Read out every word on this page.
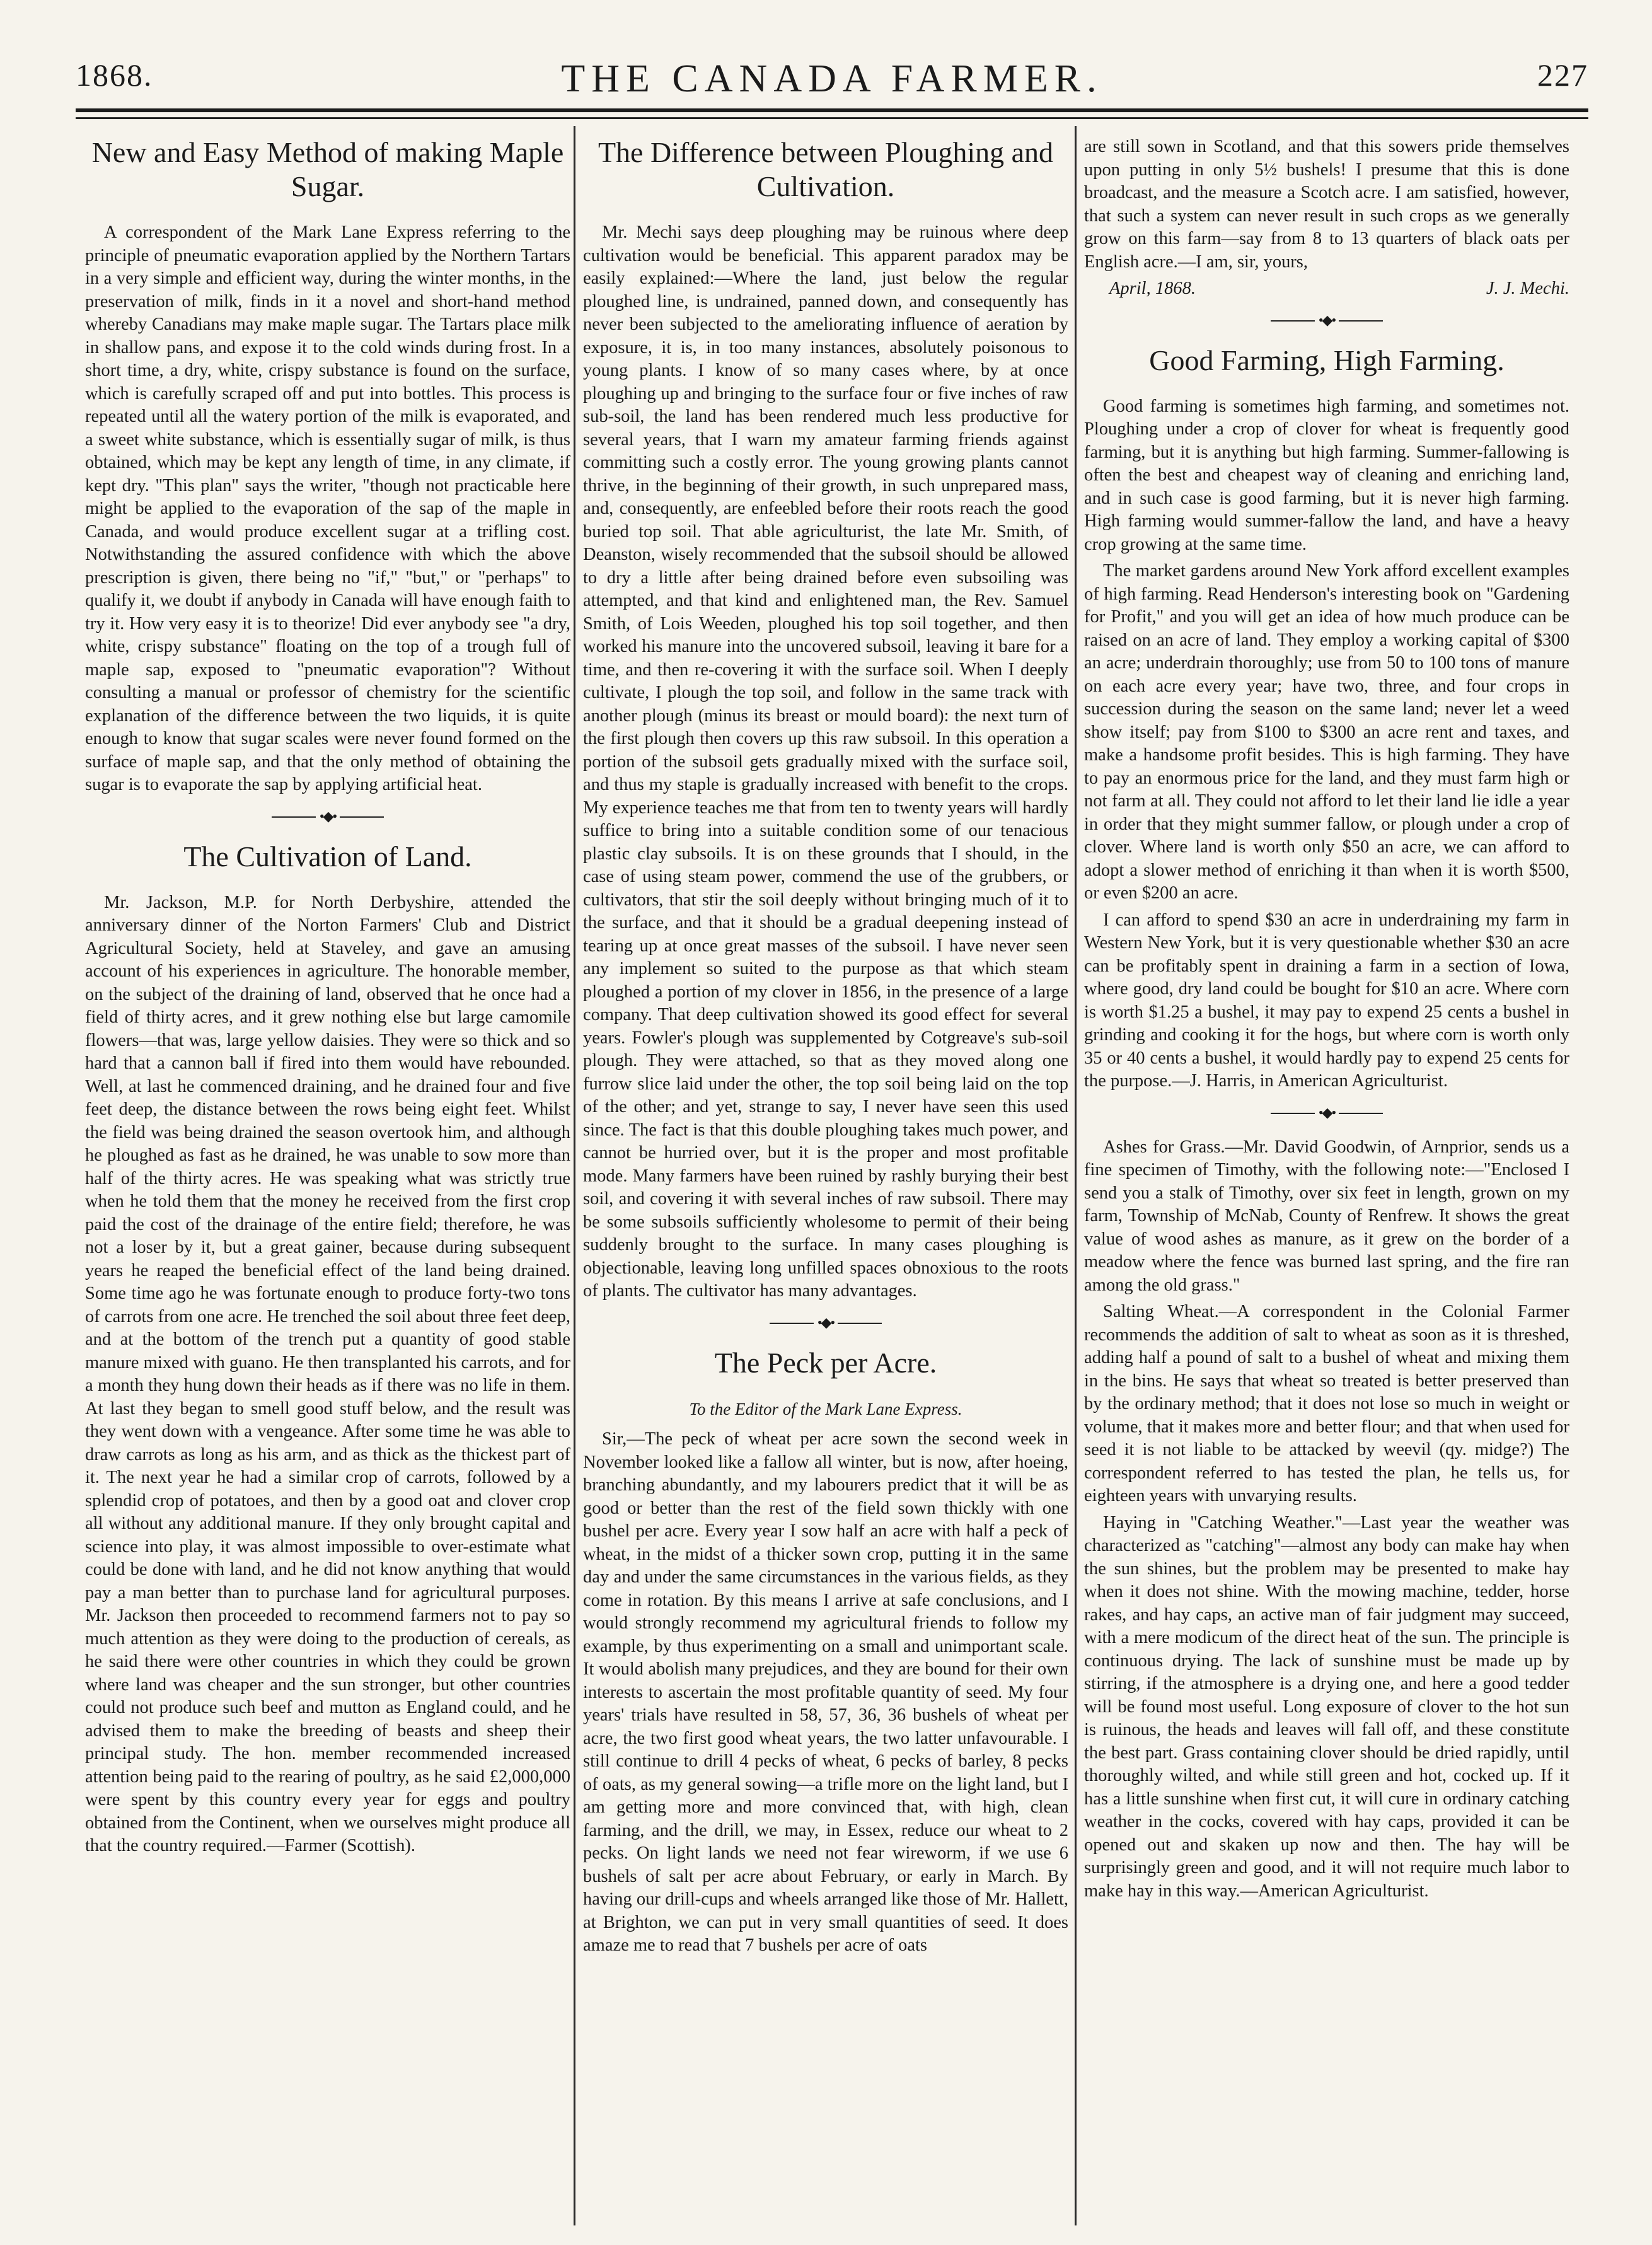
1868.	THE CANADA FARMER.	227
New and Easy Method of making Maple Sugar.

A correspondent of the Mark Lane Express referring to the principle of pneumatic evaporation applied by the Northern Tartars in a very simple and efficient way, during the winter months, in the preservation of milk, finds in it a novel and short-hand method whereby Canadians may make maple sugar. The Tartars place milk in shallow pans, and expose it to the cold winds during frost. In a short time, a dry, white, crispy substance is found on the surface, which is carefully scraped off and put into bottles. This process is repeated until all the watery portion of the milk is evaporated, and a sweet white substance, which is essentially sugar of milk, is thus obtained, which may be kept any length of time, in any climate, if kept dry. "This plan" says the writer, "though not practicable here might be applied to the evaporation of the sap of the maple in Canada, and would produce excellent sugar at a trifling cost. Notwithstanding the assured confidence with which the above prescription is given, there being no "if," "but," or "perhaps" to qualify it, we doubt if anybody in Canada will have enough faith to try it. How very easy it is to theorize! Did ever anybody see "a dry, white, crispy substance" floating on the top of a trough full of maple sap, exposed to "pneumatic evaporation"? Without consulting a manual or professor of chemistry for the scientific explanation of the difference between the two liquids, it is quite enough to know that sugar scales were never found formed on the surface of maple sap, and that the only method of obtaining the sugar is to evaporate the sap by applying artificial heat.

•◆•
The Cultivation of Land.

Mr. Jackson, M.P. for North Derbyshire, attended the anniversary dinner of the Norton Farmers' Club and District Agricultural Society, held at Staveley, and gave an amusing account of his experiences in agriculture. The honorable member, on the subject of the draining of land, observed that he once had a field of thirty acres, and it grew nothing else but large camomile flowers—that was, large yellow daisies. They were so thick and so hard that a cannon ball if fired into them would have rebounded. Well, at last he commenced draining, and he drained four and five feet deep, the distance between the rows being eight feet. Whilst the field was being drained the season overtook him, and although he ploughed as fast as he drained, he was unable to sow more than half of the thirty acres. He was speaking what was strictly true when he told them that the money he received from the first crop paid the cost of the drainage of the entire field; therefore, he was not a loser by it, but a great gainer, because during subsequent years he reaped the beneficial effect of the land being drained. Some time ago he was fortunate enough to produce forty-two tons of carrots from one acre. He trenched the soil about three feet deep, and at the bottom of the trench put a quantity of good stable manure mixed with guano. He then transplanted his carrots, and for a month they hung down their heads as if there was no life in them. At last they began to smell good stuff below, and the result was they went down with a vengeance. After some time he was able to draw carrots as long as his arm, and as thick as the thickest part of it. The next year he had a similar crop of carrots, followed by a splendid crop of potatoes, and then by a good oat and clover crop all without any additional manure. If they only brought capital and science into play, it was almost impossible to over-estimate what could be done with land, and he did not know anything that would pay a man better than to purchase land for agricultural purposes. Mr. Jackson then proceeded to recommend farmers not to pay so much attention as they were doing to the production of cereals, as he said there were other countries in which they could be grown where land was cheaper and the sun stronger, but other countries could not produce such beef and mutton as England could, and he advised them to make the breeding of beasts and sheep their principal study. The hon. member recommended increased attention being paid to the rearing of poultry, as he said £2,000,000 were spent by this country every year for eggs and poultry obtained from the Continent, when we ourselves might produce all that the country required.—Farmer (Scottish).

The Difference between Ploughing and Cultivation.

Mr. Mechi says deep ploughing may be ruinous where deep cultivation would be beneficial. This apparent paradox may be easily explained:—Where the land, just below the regular ploughed line, is undrained, panned down, and consequently has never been subjected to the ameliorating influence of aeration by exposure, it is, in too many instances, absolutely poisonous to young plants. I know of so many cases where, by at once ploughing up and bringing to the surface four or five inches of raw sub-soil, the land has been rendered much less productive for several years, that I warn my amateur farming friends against committing such a costly error. The young growing plants cannot thrive, in the beginning of their growth, in such unprepared mass, and, consequently, are enfeebled before their roots reach the good buried top soil. That able agriculturist, the late Mr. Smith, of Deanston, wisely recommended that the subsoil should be allowed to dry a little after being drained before even subsoiling was attempted, and that kind and enlightened man, the Rev. Samuel Smith, of Lois Weeden, ploughed his top soil together, and then worked his manure into the uncovered subsoil, leaving it bare for a time, and then re-covering it with the surface soil. When I deeply cultivate, I plough the top soil, and follow in the same track with another plough (minus its breast or mould board): the next turn of the first plough then covers up this raw subsoil. In this operation a portion of the subsoil gets gradually mixed with the surface soil, and thus my staple is gradually increased with benefit to the crops. My experience teaches me that from ten to twenty years will hardly suffice to bring into a suitable condition some of our tenacious plastic clay subsoils. It is on these grounds that I should, in the case of using steam power, commend the use of the grubbers, or cultivators, that stir the soil deeply without bringing much of it to the surface, and that it should be a gradual deepening instead of tearing up at once great masses of the subsoil. I have never seen any implement so suited to the purpose as that which steam ploughed a portion of my clover in 1856, in the presence of a large company. That deep cultivation showed its good effect for several years. Fowler's plough was supplemented by Cotgreave's sub-soil plough. They were attached, so that as they moved along one furrow slice laid under the other, the top soil being laid on the top of the other; and yet, strange to say, I never have seen this used since. The fact is that this double ploughing takes much power, and cannot be hurried over, but it is the proper and most profitable mode. Many farmers have been ruined by rashly burying their best soil, and covering it with several inches of raw subsoil. There may be some subsoils sufficiently wholesome to permit of their being suddenly brought to the surface. In many cases ploughing is objectionable, leaving long unfilled spaces obnoxious to the roots of plants. The cultivator has many advantages.

•◆•
The Peck per Acre.

To the Editor of the Mark Lane Express.

Sir,—The peck of wheat per acre sown the second week in November looked like a fallow all winter, but is now, after hoeing, branching abundantly, and my labourers predict that it will be as good or better than the rest of the field sown thickly with one bushel per acre. Every year I sow half an acre with half a peck of wheat, in the midst of a thicker sown crop, putting it in the same day and under the same circumstances in the various fields, as they come in rotation. By this means I arrive at safe conclusions, and I would strongly recommend my agricultural friends to follow my example, by thus experimenting on a small and unimportant scale. It would abolish many prejudices, and they are bound for their own interests to ascertain the most profitable quantity of seed. My four years' trials have resulted in 58, 57, 36, 36 bushels of wheat per acre, the two first good wheat years, the two latter unfavourable. I still continue to drill 4 pecks of wheat, 6 pecks of barley, 8 pecks of oats, as my general sowing—a trifle more on the light land, but I am getting more and more convinced that, with high, clean farming, and the drill, we may, in Essex, reduce our wheat to 2 pecks. On light lands we need not fear wireworm, if we use 6 bushels of salt per acre about February, or early in March. By having our drill-cups and wheels arranged like those of Mr. Hallett, at Brighton, we can put in very small quantities of seed. It does amaze me to read that 7 bushels per acre of oats

are still sown in Scotland, and that this sowers pride themselves upon putting in only 5½ bushels! I presume that this is done broadcast, and the measure a Scotch acre. I am satisfied, however, that such a system can never result in such crops as we generally grow on this farm—say from 8 to 13 quarters of black oats per English acre.—I am, sir, yours,

April, 1868.	J. J. Mechi.

•◆•
Good Farming, High Farming.

Good farming is sometimes high farming, and sometimes not. Ploughing under a crop of clover for wheat is frequently good farming, but it is anything but high farming. Summer-fallowing is often the best and cheapest way of cleaning and enriching land, and in such case is good farming, but it is never high farming. High farming would summer-fallow the land, and have a heavy crop growing at the same time.

The market gardens around New York afford excellent examples of high farming. Read Henderson's interesting book on "Gardening for Profit," and you will get an idea of how much produce can be raised on an acre of land. They employ a working capital of $300 an acre; underdrain thoroughly; use from 50 to 100 tons of manure on each acre every year; have two, three, and four crops in succession during the season on the same land; never let a weed show itself; pay from $100 to $300 an acre rent and taxes, and make a handsome profit besides. This is high farming. They have to pay an enormous price for the land, and they must farm high or not farm at all. They could not afford to let their land lie idle a year in order that they might summer fallow, or plough under a crop of clover. Where land is worth only $50 an acre, we can afford to adopt a slower method of enriching it than when it is worth $500, or even $200 an acre.

I can afford to spend $30 an acre in underdraining my farm in Western New York, but it is very questionable whether $30 an acre can be profitably spent in draining a farm in a section of Iowa, where good, dry land could be bought for $10 an acre. Where corn is worth $1.25 a bushel, it may pay to expend 25 cents a bushel in grinding and cooking it for the hogs, but where corn is worth only 35 or 40 cents a bushel, it would hardly pay to expend 25 cents for the purpose.—J. Harris, in American Agriculturist.

•◆•

Ashes for Grass.—Mr. David Goodwin, of Arnprior, sends us a fine specimen of Timothy, with the following note:—"Enclosed I send you a stalk of Timothy, over six feet in length, grown on my farm, Township of McNab, County of Renfrew. It shows the great value of wood ashes as manure, as it grew on the border of a meadow where the fence was burned last spring, and the fire ran among the old grass."

Salting Wheat.—A correspondent in the Colonial Farmer recommends the addition of salt to wheat as soon as it is threshed, adding half a pound of salt to a bushel of wheat and mixing them in the bins. He says that wheat so treated is better preserved than by the ordinary method; that it does not lose so much in weight or volume, that it makes more and better flour; and that when used for seed it is not liable to be attacked by weevil (qy. midge?) The correspondent referred to has tested the plan, he tells us, for eighteen years with unvarying results.

Haying in "Catching Weather."—Last year the weather was characterized as "catching"—almost any body can make hay when the sun shines, but the problem may be presented to make hay when it does not shine. With the mowing machine, tedder, horse rakes, and hay caps, an active man of fair judgment may succeed, with a mere modicum of the direct heat of the sun. The principle is continuous drying. The lack of sunshine must be made up by stirring, if the atmosphere is a drying one, and here a good tedder will be found most useful. Long exposure of clover to the hot sun is ruinous, the heads and leaves will fall off, and these constitute the best part. Grass containing clover should be dried rapidly, until thoroughly wilted, and while still green and hot, cocked up. If it has a little sunshine when first cut, it will cure in ordinary catching weather in the cocks, covered with hay caps, provided it can be opened out and skaken up now and then. The hay will be surprisingly green and good, and it will not require much labor to make hay in this way.—American Agriculturist.
